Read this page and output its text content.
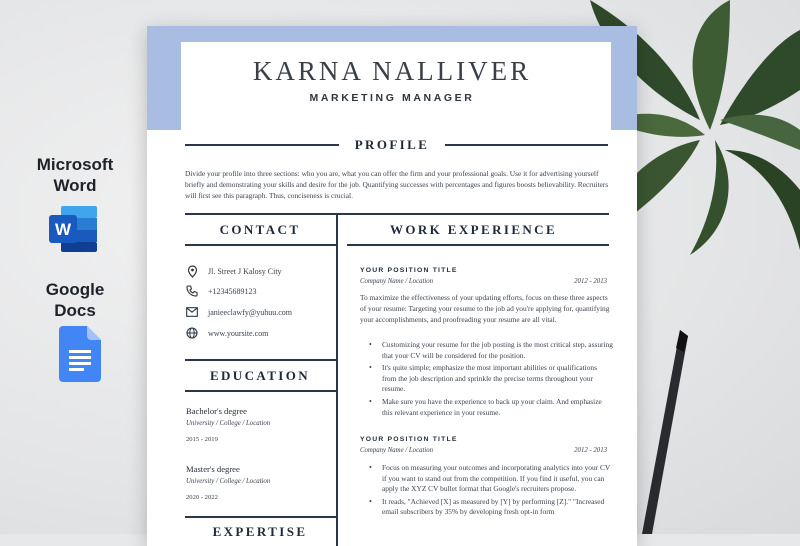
Microsoft Word
W
Google Docs
KARNA NALLIVER
MARKETING MANAGER
PROFILE
Divide your profile into three sections: who you are, what you can offer the firm and your professional goals. Use it for advertising yourself briefly and demonstrating your skills and desire for the job. Quantifying successes with percentages and figures boosts believability. Recruiters will first see this paragraph. Thus, conciseness is crucial.
CONTACT
Jl. Street J Kalosy City
+12345689123
janieeclawfy@yuhuu.com
www.yoursite.com
EDUCATION
Bachelor's degree
University / College / Location
2015 - 2019
Master's degree
University / College / Location
2020 - 2022
EXPERTISE
WORK EXPERIENCE
YOUR POSITION TITLE
Company Name / Location	2012 - 2013
To maximize the effectiveness of your updating efforts, focus on these three aspects of your resume: Targeting your resume to the job ad you're applying for, quantifying your accomplishments, and proofreading your resume are all vital.
• Customizing your resume for the job posting is the most critical step, assuring that your CV will be considered for the position.
• It's quite simple; emphasize the most important abilities or qualifications from the job description and sprinkle the precise terms throughout your resume.
• Make sure you have the experience to back up your claim. And emphasize this relevant experience in your resume.
YOUR POSITION TITLE
Company Name / Location	2012 - 2013
• Focus on measuring your outcomes and incorporating analytics into your CV if you want to stand out from the competition. If you find it useful, you can apply the XYZ CV bullet format that Google's recruiters propose.
• It reads, "Achieved [X] as measured by [Y] by performing [Z]." "Increased email subscribers by 35% by developing fresh opt-in form
